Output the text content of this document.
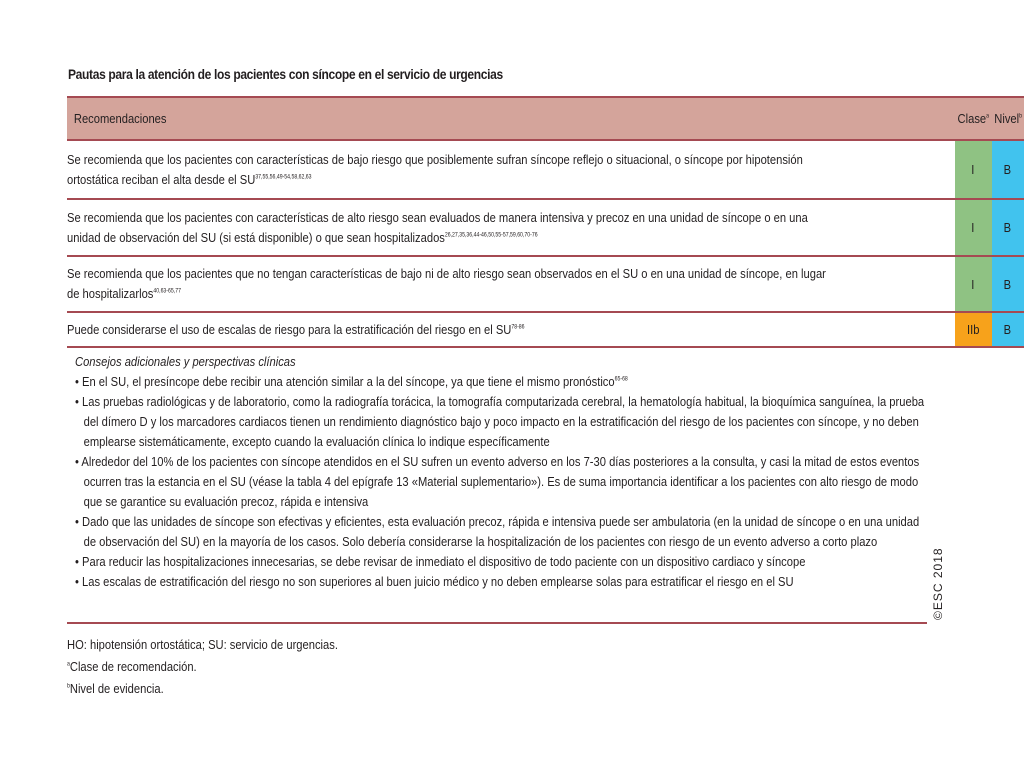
Pautas para la atención de los pacientes con síncope en el servicio de urgencias
Recomendaciones	Clase$^a$	Nivel$^b$

Se recomienda que los pacientes con características de bajo riesgo que posiblemente sufran síncope reflejo o situacional, o síncope por hipotensión ortostática reciban el alta desde el SU$^{37,55,56,49-54,58,62,63}$	I	B

Se recomienda que los pacientes con características de alto riesgo sean evaluados de manera intensiva y precoz en una unidad de síncope o en una unidad de observación del SU (si está disponible) o que sean hospitalizados$^{26,27,35,36,44-46,50,55-57,59,60,70-76}$	I	B

Se recomienda que los pacientes que no tengan características de bajo ni de alto riesgo sean observados en el SU o en una unidad de síncope, en lugar de hospitalizarlos$^{40,63-65,77}$	I	B

Puede considerarse el uso de escalas de riesgo para la estratificación del riesgo en el SU$^{78-86}$	IIb	B
Consejos adicionales y perspectivas clínicas
• En el SU, el presíncope debe recibir una atención similar a la del síncope, ya que tiene el mismo pronóstico$^{65-68}$
• Las pruebas radiológicas y de laboratorio, como la radiografía torácica, la tomografía computarizada cerebral, la hematología habitual, la bioquímica sanguínea, la prueba del dímero D y los marcadores cardiacos tienen un rendimiento diagnóstico bajo y poco impacto en la estratificación del riesgo de los pacientes con síncope, y no deben emplearse sistemáticamente, excepto cuando la evaluación clínica lo indique específicamente
• Alrededor del 10% de los pacientes con síncope atendidos en el SU sufren un evento adverso en los 7-30 días posteriores a la consulta, y casi la mitad de estos eventos ocurren tras la estancia en el SU (véase la tabla 4 del epígrafe 13 «Material suplementario»). Es de suma importancia identificar a los pacientes con alto riesgo de modo que se garantice su evaluación precoz, rápida e intensiva
• Dado que las unidades de síncope son efectivas y eficientes, esta evaluación precoz, rápida e intensiva puede ser ambulatoria (en la unidad de síncope o en una unidad de observación del SU) en la mayoría de los casos. Solo debería considerarse la hospitalización de los pacientes con riesgo de un evento adverso a corto plazo
• Para reducir las hospitalizaciones innecesarias, se debe revisar de inmediato el dispositivo de todo paciente con un dispositivo cardiaco y síncope
• Las escalas de estratificación del riesgo no son superiores al buen juicio médico y no deben emplearse solas para estratificar el riesgo en el SU	©ESC 2018
HO: hipotensión ortostática; SU: servicio de urgencias.
$^a$Clase de recomendación.
$^b$Nivel de evidencia.
